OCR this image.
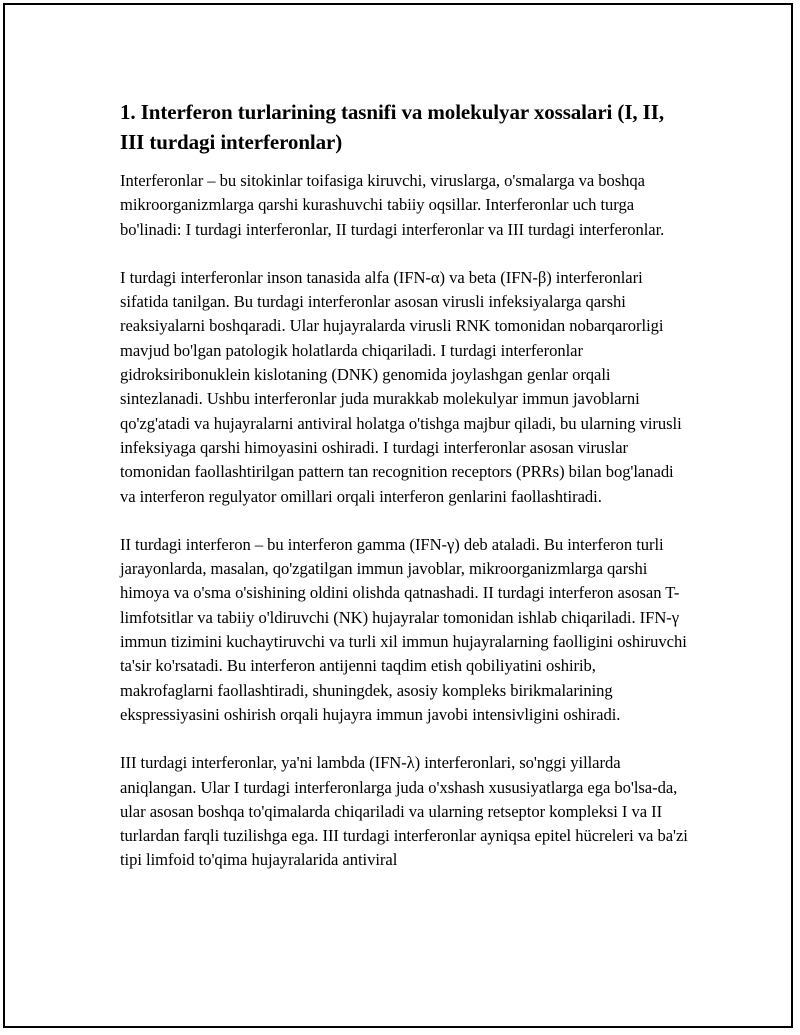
1. Interferon turlarining tasnifi va molekulyar xossalari (I, II, III turdagi interferonlar)

Interferonlar – bu sitokinlar toifasiga kiruvchi, viruslarga, o'smalarga va boshqa mikroorganizmlarga qarshi kurashuvchi tabiiy oqsillar. Interferonlar uch turga bo'linadi: I turdagi interferonlar, II turdagi interferonlar va III turdagi interferonlar.

I turdagi interferonlar inson tanasida alfa (IFN-α) va beta (IFN-β) interferonlari sifatida tanilgan. Bu turdagi interferonlar asosan virusli infeksiyalarga qarshi reaksiyalarni boshqaradi. Ular hujayralarda virusli RNK tomonidan nobarqarorligi mavjud bo'lgan patologik holatlarda chiqariladi. I turdagi interferonlar gidroksiribonuklein kislotaning (DNK) genomida joylashgan genlar orqali sintezlanadi. Ushbu interferonlar juda murakkab molekulyar immun javoblarni qo'zg'atadi va hujayralarni antiviral holatga o'tishga majbur qiladi, bu ularning virusli infeksiyaga qarshi himoyasini oshiradi. I turdagi interferonlar asosan viruslar tomonidan faollashtirilgan pattern tan recognition receptors (PRRs) bilan bog'lanadi va interferon regulyator omillari orqali interferon genlarini faollashtiradi.

II turdagi interferon – bu interferon gamma (IFN-γ) deb ataladi. Bu interferon turli jarayonlarda, masalan, qo'zgatilgan immun javoblar, mikroorganizmlarga qarshi himoya va o'sma o'sishining oldini olishda qatnashadi. II turdagi interferon asosan T-limfotsitlar va tabiiy o'ldiruvchi (NK) hujayralar tomonidan ishlab chiqariladi. IFN-γ immun tizimini kuchaytiruvchi va turli xil immun hujayralarning faolligini oshiruvchi ta'sir ko'rsatadi. Bu interferon antijenni taqdim etish qobiliyatini oshirib, makrofaglarni faollashtiradi, shuningdek, asosiy kompleks birikmalarining ekspressiyasini oshirish orqali hujayra immun javobi intensivligini oshiradi.

III turdagi interferonlar, ya'ni lambda (IFN-λ) interferonlari, so'nggi yillarda aniqlangan. Ular I turdagi interferonlarga juda o'xshash xususiyatlarga ega bo'lsa-da, ular asosan boshqa to'qimalarda chiqariladi va ularning retseptor kompleksi I va II turlardan farqli tuzilishga ega. III turdagi interferonlar ayniqsa epitel hücreleri va ba'zi tipi limfoid to'qima hujayralarida antiviral
